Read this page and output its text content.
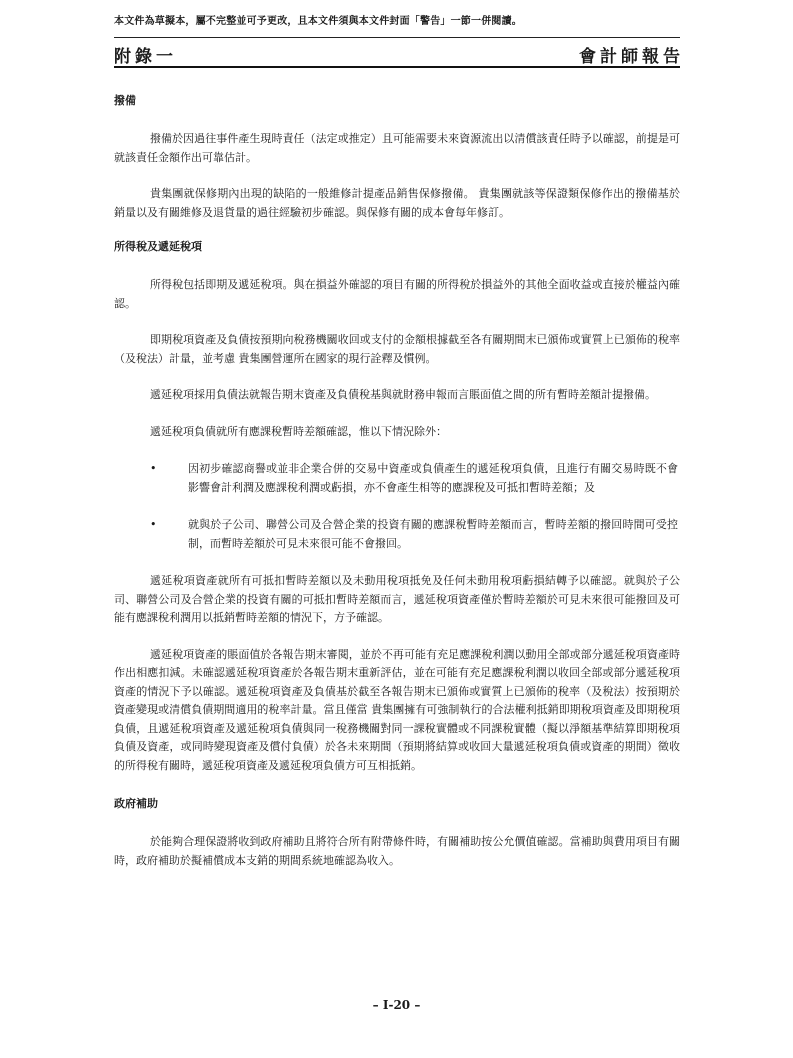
本文件為草擬本，屬不完整並可予更改，且本文件須與本文件封面「警告」一節一併閱讀。
附錄一	會計師報告
撥備

撥備於因過往事件產生現時責任（法定或推定）且可能需要未來資源流出以清償該責任時予以確認，前提是可就該責任金額作出可靠估計。

貴集團就保修期內出現的缺陷的一般維修計提產品銷售保修撥備。 貴集團就該等保證類保修作出的撥備基於銷量以及有關維修及退貨量的過往經驗初步確認。與保修有關的成本會每年修訂。

所得稅及遞延稅項

所得稅包括即期及遞延稅項。與在損益外確認的項目有關的所得稅於損益外的其他全面收益或直接於權益內確認。

即期稅項資產及負債按預期向稅務機關收回或支付的金額根據截至各有關期間末已頒佈或實質上已頒佈的稅率（及稅法）計量，並考慮 貴集團營運所在國家的現行詮釋及慣例。

遞延稅項採用負債法就報告期末資產及負債稅基與就財務申報而言賬面值之間的所有暫時差額計提撥備。

遞延稅項負債就所有應課稅暫時差額確認，惟以下情況除外：

•	因初步確認商譽或並非企業合併的交易中資產或負債產生的遞延稅項負債，且進行有關交易時既不會影響會計利潤及應課稅利潤或虧損，亦不會產生相等的應課稅及可抵扣暫時差額；及
•	就與於子公司、聯營公司及合營企業的投資有關的應課稅暫時差額而言，暫時差額的撥回時間可受控制，而暫時差額於可見未來很可能不會撥回。

遞延稅項資產就所有可抵扣暫時差額以及未動用稅項抵免及任何未動用稅項虧損結轉予以確認。就與於子公司、聯營公司及合營企業的投資有關的可抵扣暫時差額而言，遞延稅項資產僅於暫時差額於可見未來很可能撥回及可能有應課稅利潤用以抵銷暫時差額的情況下，方予確認。

遞延稅項資產的賬面值於各報告期末審閱，並於不再可能有充足應課稅利潤以動用全部或部分遞延稅項資產時作出相應扣減。未確認遞延稅項資產於各報告期末重新評估，並在可能有充足應課稅利潤以收回全部或部分遞延稅項資產的情況下予以確認。遞延稅項資產及負債基於截至各報告期末已頒佈或實質上已頒佈的稅率（及稅法）按預期於資產變現或清償負債期間適用的稅率計量。當且僅當 貴集團擁有可強制執行的合法權利抵銷即期稅項資產及即期稅項負債，且遞延稅項資產及遞延稅項負債與同一稅務機關對同一課稅實體或不同課稅實體（擬以淨額基準結算即期稅項負債及資產，或同時變現資產及償付負債）於各未來期間（預期將結算或收回大量遞延稅項負債或資產的期間）徵收的所得稅有關時，遞延稅項資產及遞延稅項負債方可互相抵銷。

政府補助

於能夠合理保證將收到政府補助且將符合所有附帶條件時，有關補助按公允價值確認。當補助與費用項目有關時，政府補助於擬補償成本支銷的期間系統地確認為收入。

– I-20 –
